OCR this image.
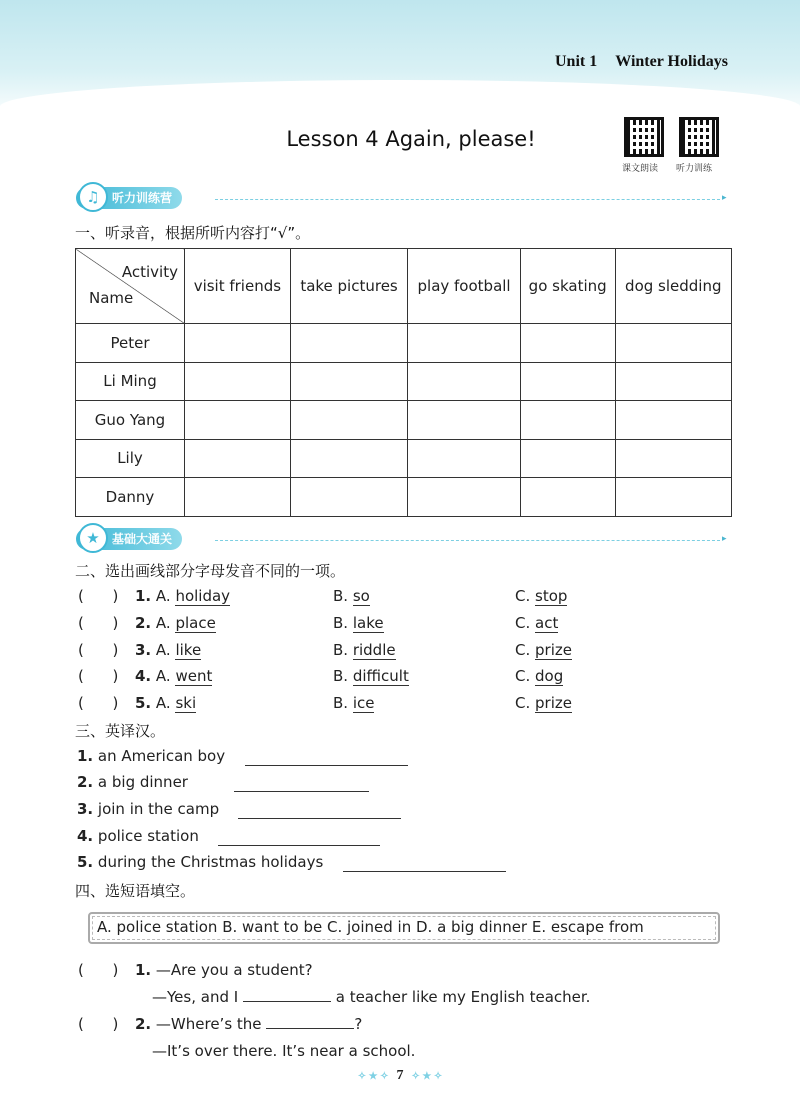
Unit 1 Winter Holidays
Lesson 4 Again, please!
课文朗读 听力训练
♫	听力训练营	▸
一、听录音，根据所听内容打“√”。
Activity
Name	visit friends	take pictures	play football	go skating	dog sledding
Peter					
Li Ming					
Guo Yang					
Lily					
Danny					
★	基础大通关	▸
二、选出画线部分字母发音不同的一项。
(      ) 1. A. holiday	B. so	C. stop
(      ) 2. A. place	B. lake	C. act
(      ) 3. A. like	B. riddle	C. prize
(      ) 4. A. went	B. difficult	C. dog
(      ) 5. A. ski	B. ice	C. prize
三、英译汉。
1. an American boy
2. a big dinner
3. join in the camp
4. police station
5. during the Christmas holidays
四、选短语填空。
A. police station B. want to be C. joined in D. a big dinner E. escape from
(      ) 1. —Are you a student?
—Yes, and I	a teacher like my English teacher.
(      ) 2. —Where’s the	?
—It’s over there. It’s near a school.
✧ ★ ✧ 7 ✧ ★ ✧
